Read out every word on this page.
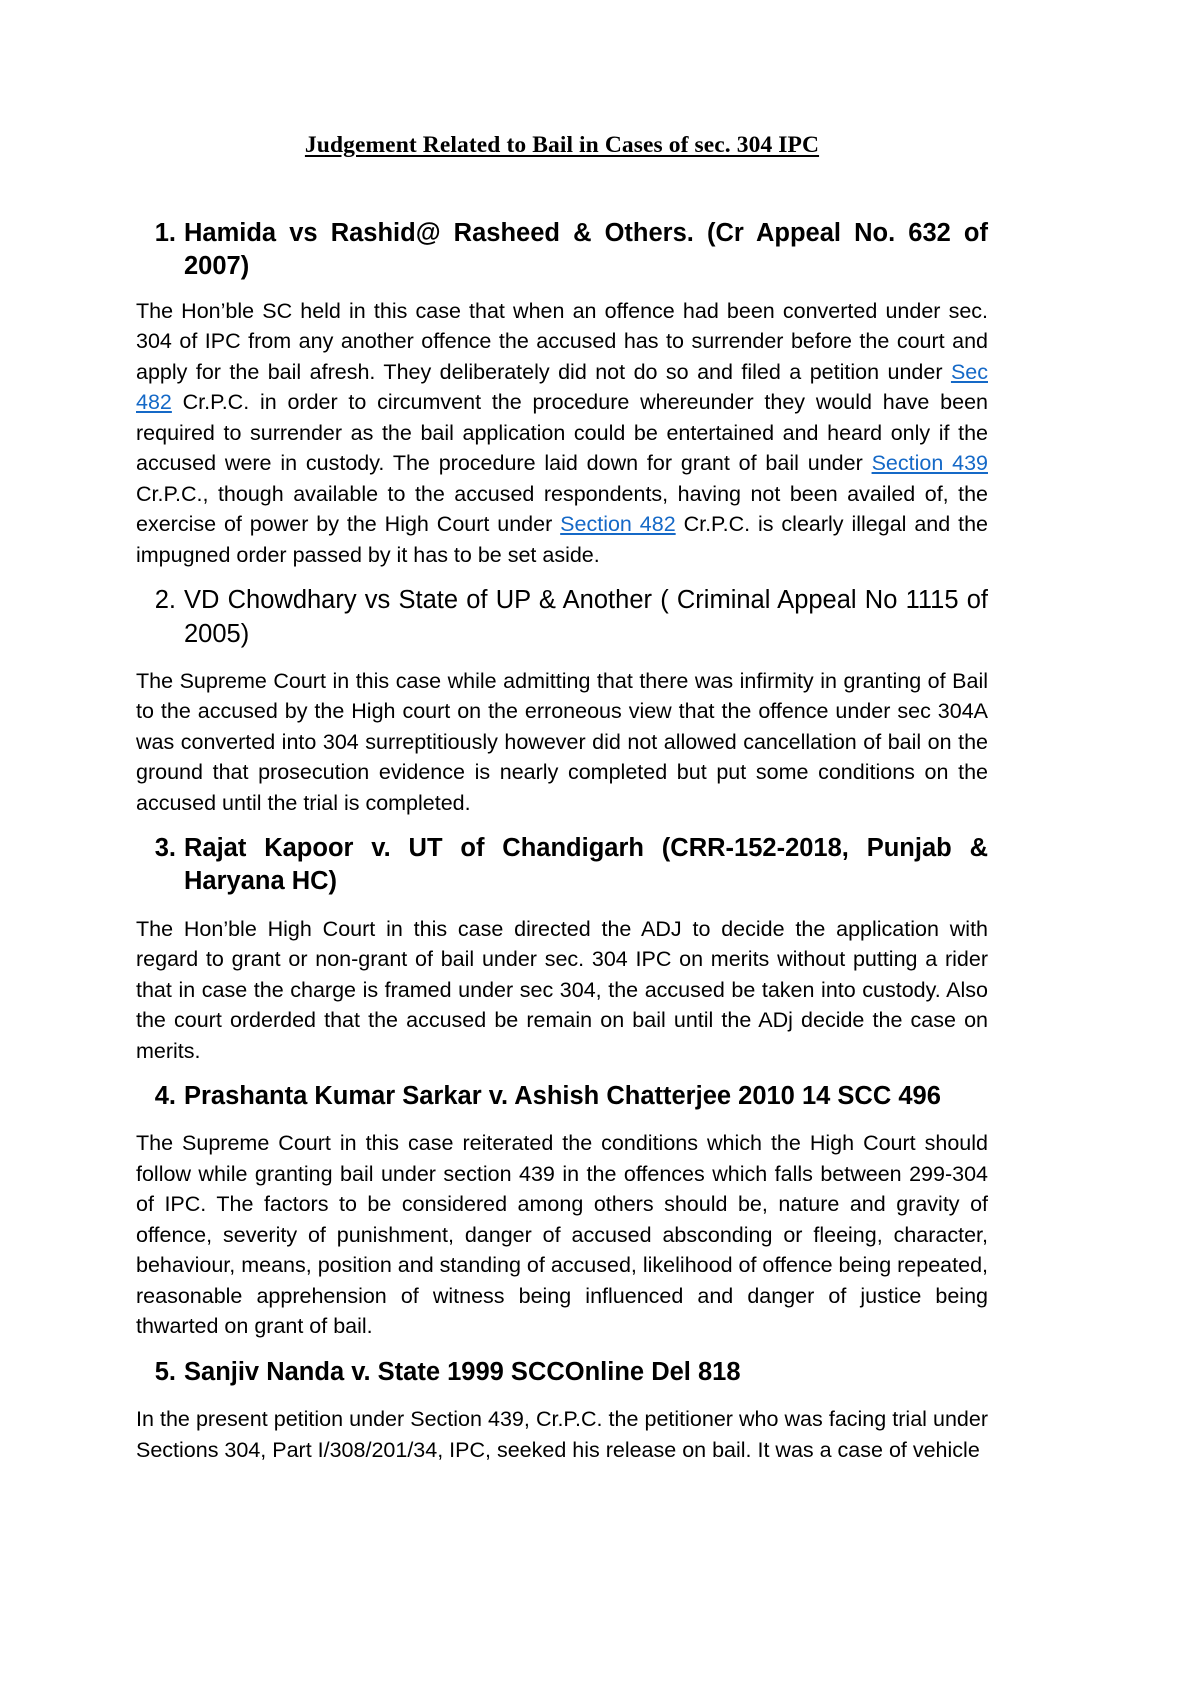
Judgement Related to Bail in Cases of sec. 304 IPC
1. Hamida vs Rashid@ Rasheed & Others. (Cr Appeal No. 632 of 2007)

The Hon’ble SC held in this case that when an offence had been converted under sec. 304 of IPC from any another offence the accused has to surrender before the court and apply for the bail afresh. They deliberately did not do so and filed a petition under Sec 482 Cr.P.C. in order to circumvent the procedure whereunder they would have been required to surrender as the bail application could be entertained and heard only if the accused were in custody. The procedure laid down for grant of bail under Section 439 Cr.P.C., though available to the accused respondents, having not been availed of, the exercise of power by the High Court under Section 482 Cr.P.C. is clearly illegal and the impugned order passed by it has to be set aside.

2. VD Chowdhary vs State of UP & Another ( Criminal Appeal No 1115 of 2005)

The Supreme Court in this case while admitting that there was infirmity in granting of Bail to the accused by the High court on the erroneous view that the offence under sec 304A was converted into 304 surreptitiously however did not allowed cancellation of bail on the ground that prosecution evidence is nearly completed but put some conditions on the accused until the trial is completed.

3. Rajat Kapoor v. UT of Chandigarh (CRR-152-2018, Punjab & Haryana HC)

The Hon’ble High Court in this case directed the ADJ to decide the application with regard to grant or non-grant of bail under sec. 304 IPC on merits without putting a rider that in case the charge is framed under sec 304, the accused be taken into custody. Also the court orderded that the accused be remain on bail until the ADj decide the case on merits.

4. Prashanta Kumar Sarkar v. Ashish Chatterjee 2010 14 SCC 496

The Supreme Court in this case reiterated the conditions which the High Court should follow while granting bail under section 439 in the offences which falls between 299-304 of IPC. The factors to be considered among others should be, nature and gravity of offence, severity of punishment, danger of accused absconding or fleeing, character, behaviour, means, position and standing of accused, likelihood of offence being repeated, reasonable apprehension of witness being influenced and danger of justice being thwarted on grant of bail.

5. Sanjiv Nanda v. State 1999 SCCOnline Del 818

In the present petition under Section 439, Cr.P.C. the petitioner who was facing trial under Sections 304, Part I/308/201/34, IPC, seeked his release on bail. It was a case of vehicle
